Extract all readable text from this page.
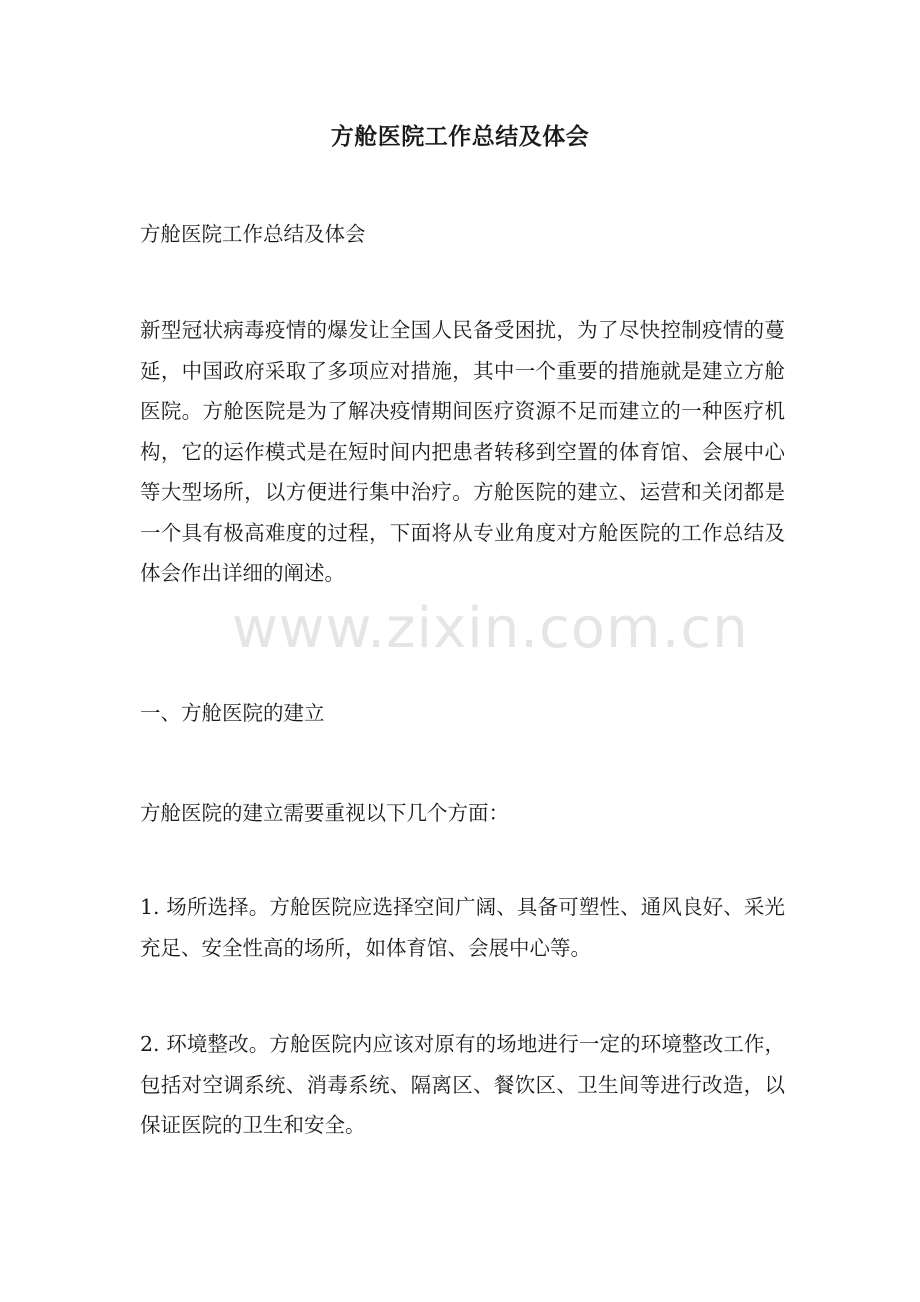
方舱医院工作总结及体会

方舱医院工作总结及体会

新型冠状病毒疫情的爆发让全国人民备受困扰，为了尽快控制疫情的蔓延，中国政府采取了多项应对措施，其中一个重要的措施就是建立方舱医院。方舱医院是为了解决疫情期间医疗资源不足而建立的一种医疗机构，它的运作模式是在短时间内把患者转移到空置的体育馆、会展中心等大型场所，以方便进行集中治疗。方舱医院的建立、运营和关闭都是一个具有极高难度的过程，下面将从专业角度对方舱医院的工作总结及体会作出详细的阐述。

一、方舱医院的建立

方舱医院的建立需要重视以下几个方面：

1. 场所选择。方舱医院应选择空间广阔、具备可塑性、通风良好、采光充足、安全性高的场所，如体育馆、会展中心等。

2. 环境整改。方舱医院内应该对原有的场地进行一定的环境整改工作，包括对空调系统、消毒系统、隔离区、餐饮区、卫生间等进行改造，以保证医院的卫生和安全。

www.zixin.com.cn
